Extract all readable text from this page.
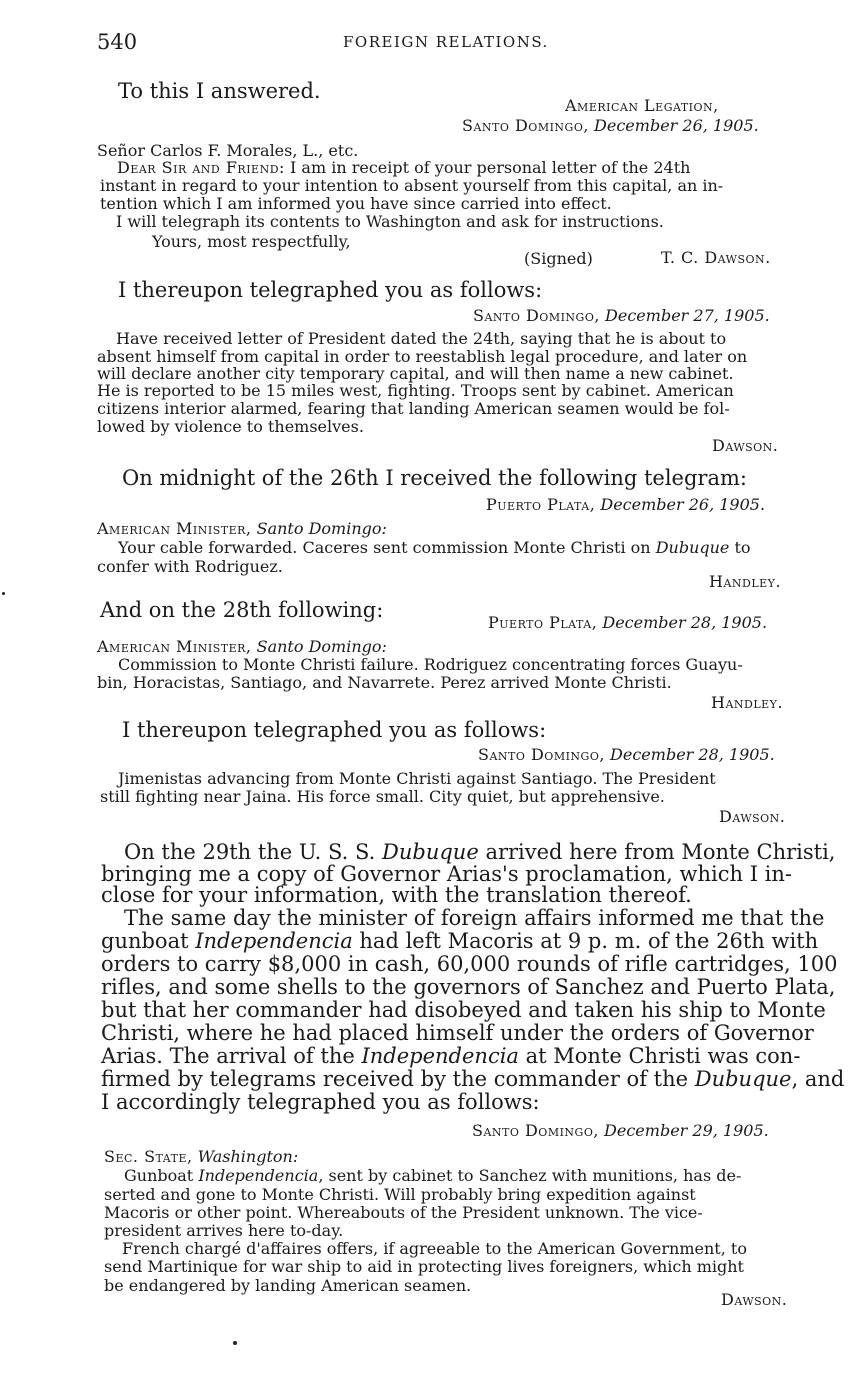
540	FOREIGN RELATIONS.
To this I answered.
American Legation,
Santo Domingo, December 26, 1905.
Señor Carlos F. Morales, L., etc.
Dear Sir and Friend: I am in receipt of your personal letter of the 24th
instant in regard to your intention to absent yourself from this capital, an in-
tention which I am informed you have since carried into effect.
I will telegraph its contents to Washington and ask for instructions.
Yours, most respectfully,
(Signed)	T. C. Dawson.
I thereupon telegraphed you as follows:
Santo Domingo, December 27, 1905.
Have received letter of President dated the 24th, saying that he is about to
absent himself from capital in order to reestablish legal procedure, and later on
will declare another city temporary capital, and will then name a new cabinet.
He is reported to be 15 miles west, fighting. Troops sent by cabinet. American
citizens interior alarmed, fearing that landing American seamen would be fol-
lowed by violence to themselves.
Dawson.
On midnight of the 26th I received the following telegram:
Puerto Plata, December 26, 1905.
American Minister, Santo Domingo:
Your cable forwarded. Caceres sent commission Monte Christi on Dubuque to
confer with Rodriguez.
Handley.
And on the 28th following:
Puerto Plata, December 28, 1905.
American Minister, Santo Domingo:
Commission to Monte Christi failure. Rodriguez concentrating forces Guayu-
bin, Horacistas, Santiago, and Navarrete. Perez arrived Monte Christi.
Handley.
I thereupon telegraphed you as follows:
Santo Domingo, December 28, 1905.
Jimenistas advancing from Monte Christi against Santiago. The President
still fighting near Jaina. His force small. City quiet, but apprehensive.
Dawson.
On the 29th the U. S. S. Dubuque arrived here from Monte Christi,
bringing me a copy of Governor Arias's proclamation, which I in-
close for your information, with the translation thereof.
The same day the minister of foreign affairs informed me that the
gunboat Independencia had left Macoris at 9 p. m. of the 26th with
orders to carry $8,000 in cash, 60,000 rounds of rifle cartridges, 100
rifles, and some shells to the governors of Sanchez and Puerto Plata,
but that her commander had disobeyed and taken his ship to Monte
Christi, where he had placed himself under the orders of Governor
Arias. The arrival of the Independencia at Monte Christi was con-
firmed by telegrams received by the commander of the Dubuque, and
I accordingly telegraphed you as follows:
Santo Domingo, December 29, 1905.
Sec. State, Washington:
Gunboat Independencia, sent by cabinet to Sanchez with munitions, has de-
serted and gone to Monte Christi. Will probably bring expedition against
Macoris or other point. Whereabouts of the President unknown. The vice-
president arrives here to-day.
French chargé d'affaires offers, if agreeable to the American Government, to
send Martinique for war ship to aid in protecting lives foreigners, which might
be endangered by landing American seamen.
Dawson.
